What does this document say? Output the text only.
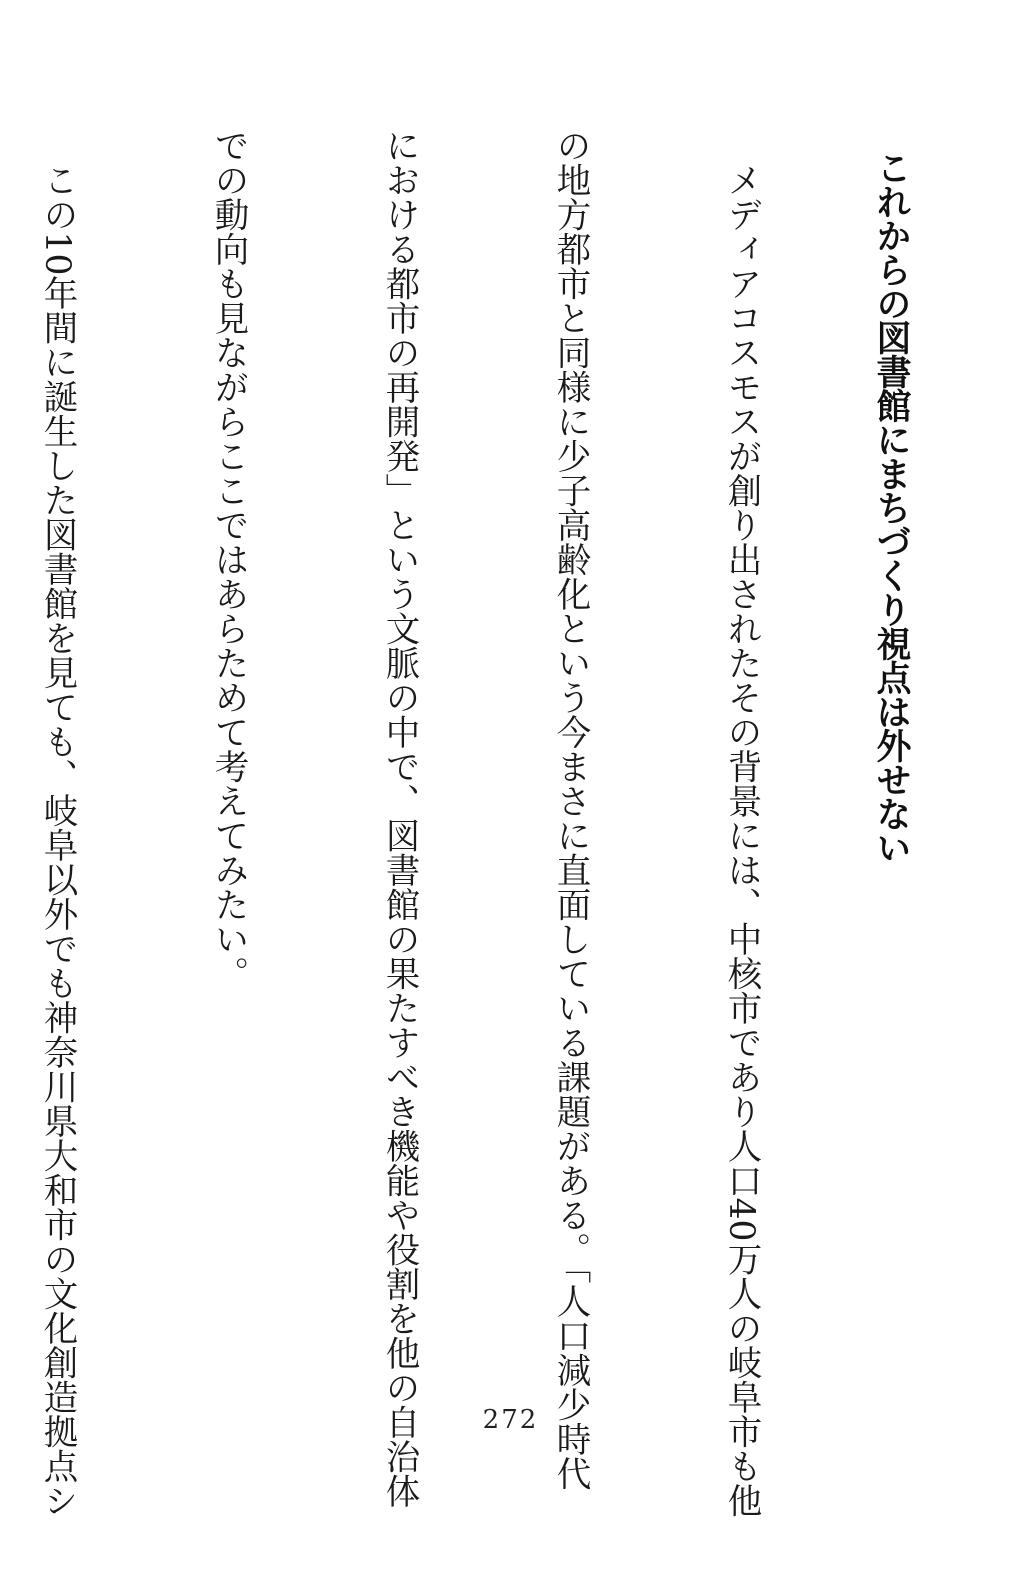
これからの図書館にまちづくり視点は外せない

　メディアコスモスが創り出されたその背景には、中核市であり人口40万人の岐阜市も他

の地方都市と同様に少子高齢化という今まさに直面している課題がある。「人口減少時代

における都市の再開発」という文脈の中で、図書館の果たすべき機能や役割を他の自治体

での動向も見ながらここではあらためて考えてみたい。

　この10年間に誕生した図書館を見ても、岐阜以外でも神奈川県大和市の文化創造拠点シ

	272
